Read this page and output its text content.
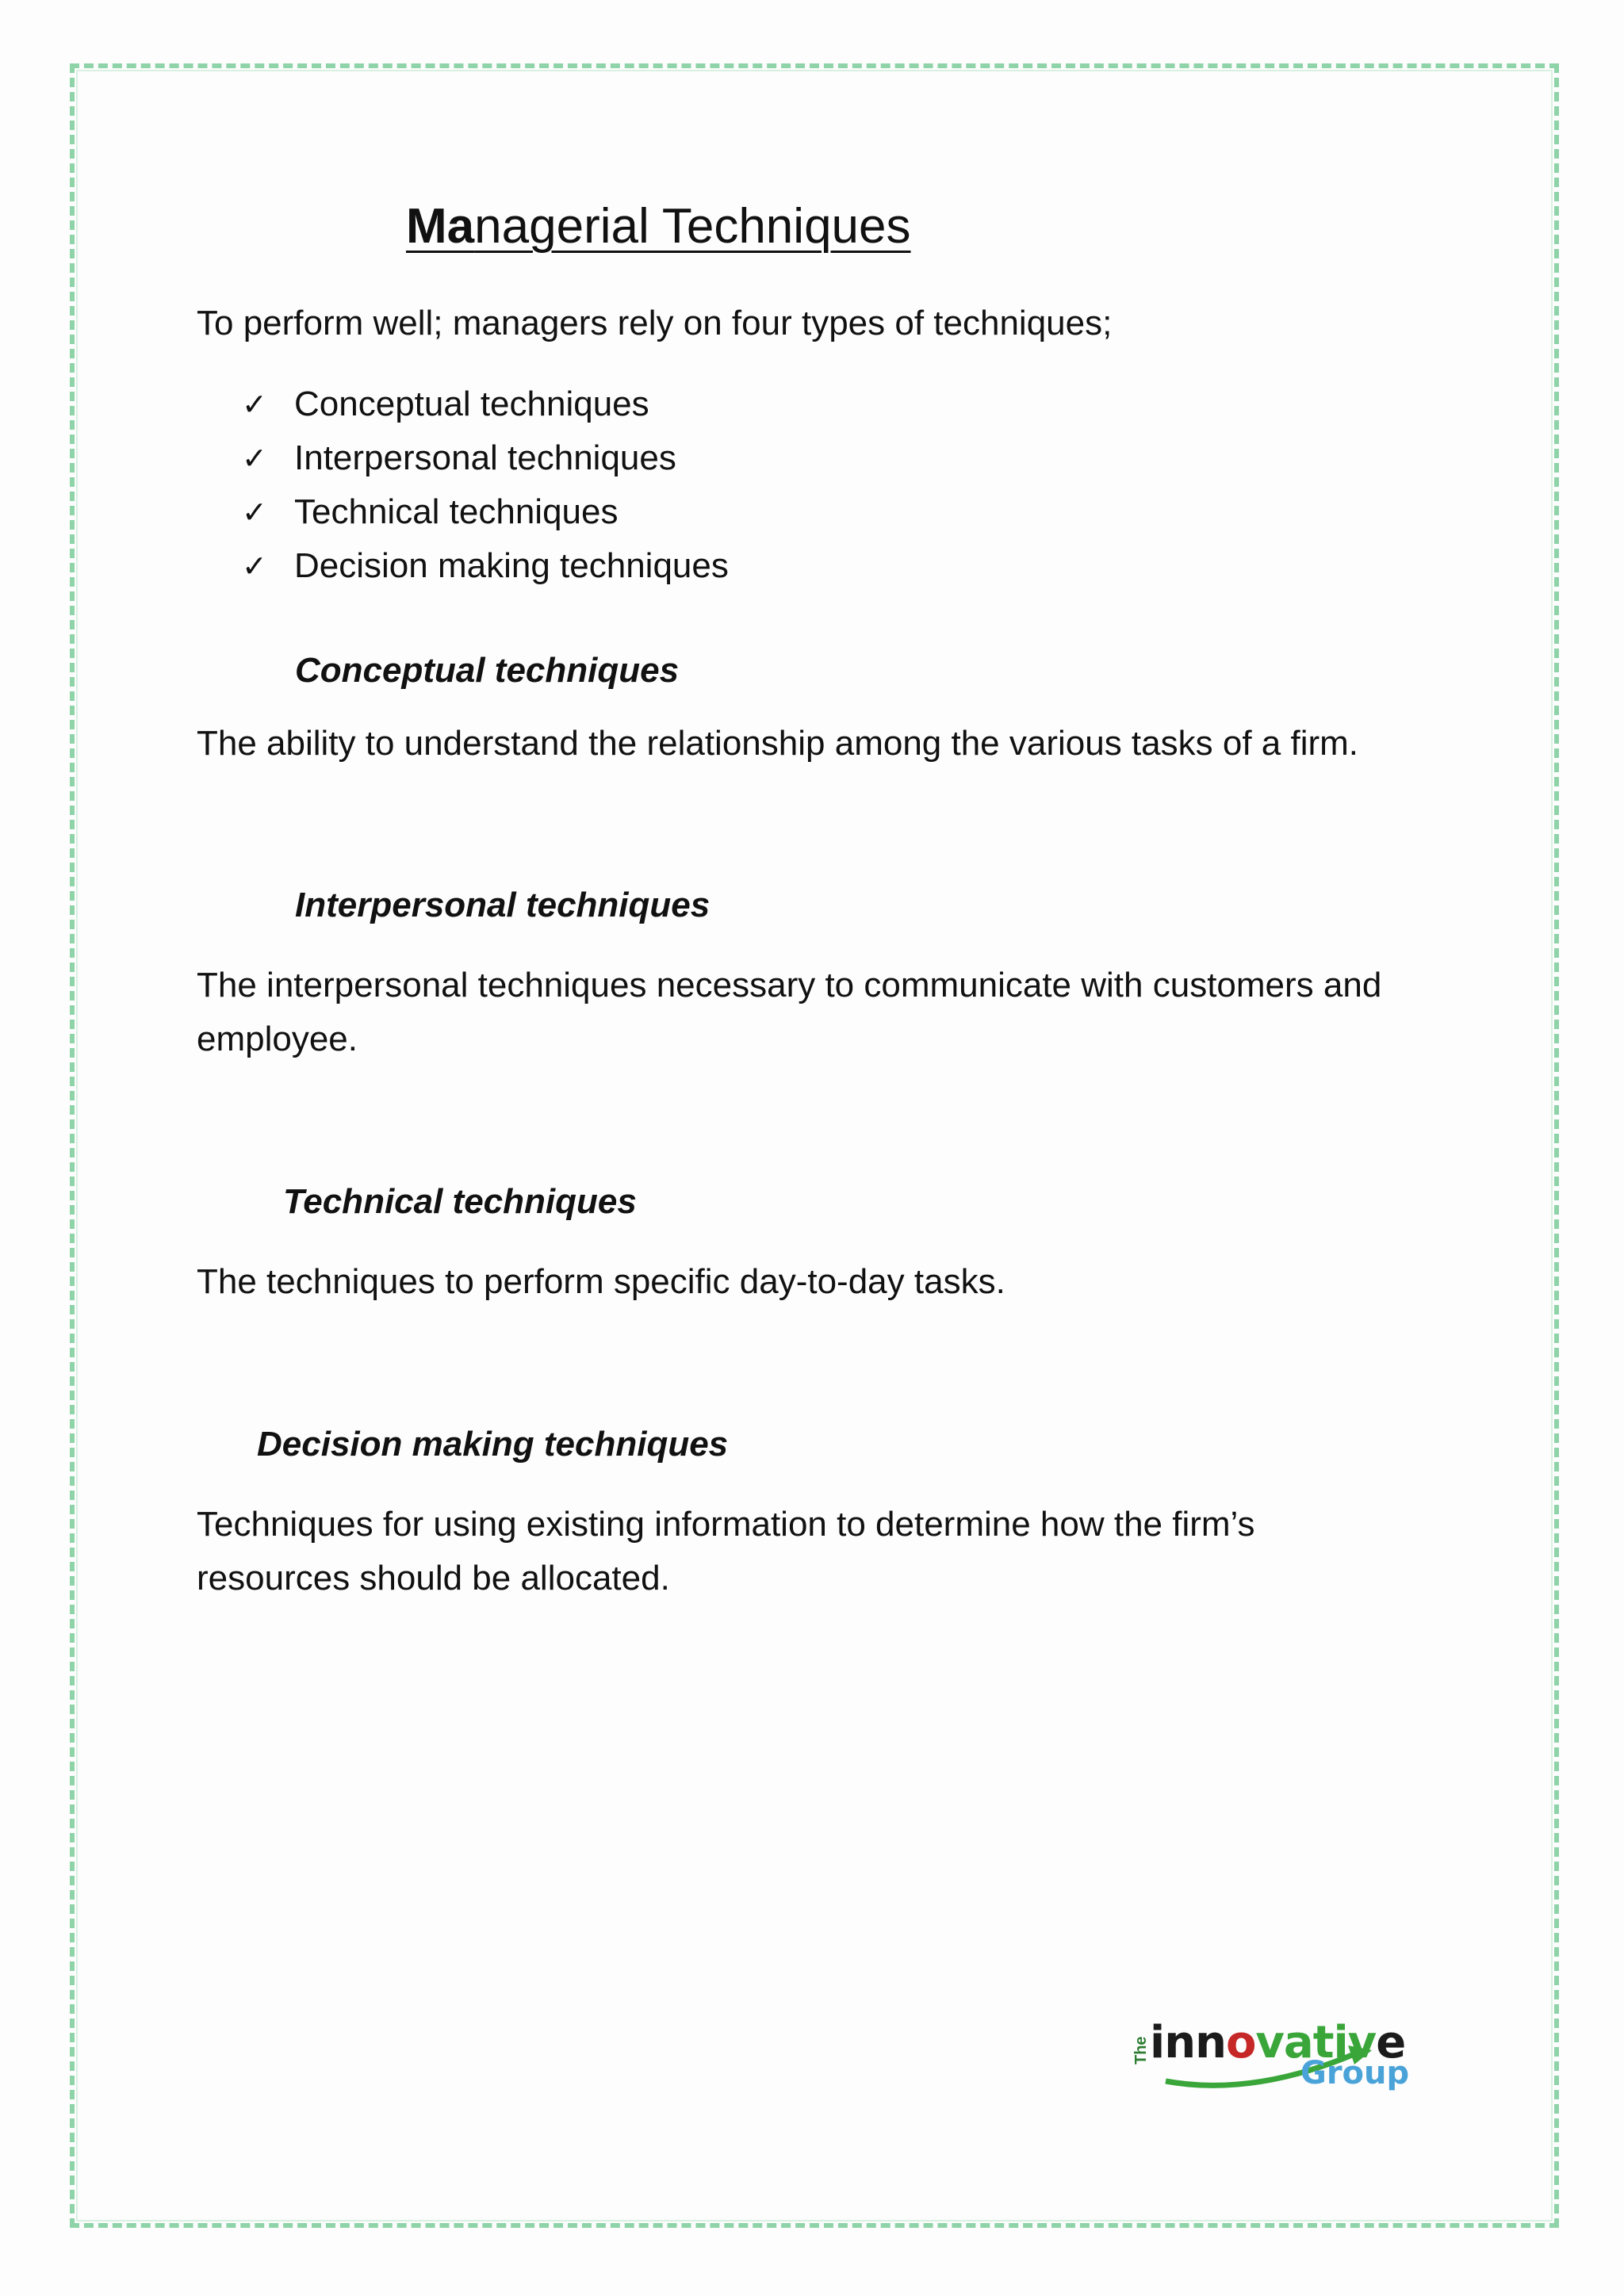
Managerial Techniques

To perform well; managers rely on four types of techniques;

✓ Conceptual techniques
✓ Interpersonal techniques
✓ Technical techniques
✓ Decision making techniques
Conceptual techniques

The ability to understand the relationship among the various tasks of a firm.

Interpersonal techniques

The interpersonal techniques necessary to communicate with customers and

employee.

Technical techniques

The techniques to perform specific day-to-day tasks.

Decision making techniques

Techniques for using existing information to determine how the firm’s

resources should be allocated.

The innovative
Group
